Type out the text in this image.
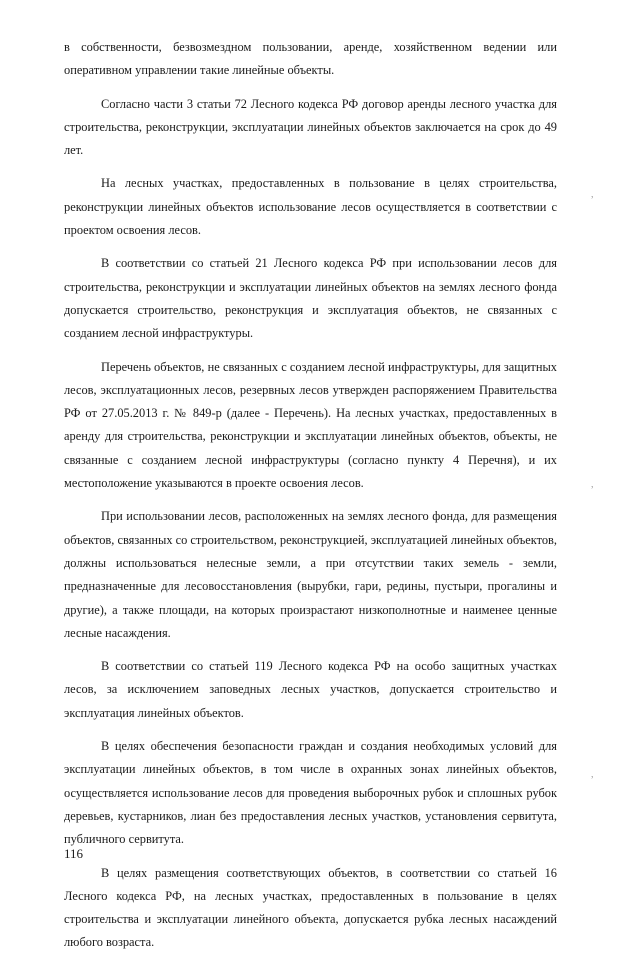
в собственности, безвозмездном пользовании, аренде, хозяйственном ведении или оперативном управлении такие линейные объекты.

Согласно части 3 статьи 72 Лесного кодекса РФ договор аренды лесного участка для строительства, реконструкции, эксплуатации линейных объектов заключается на срок до 49 лет.

На лесных участках, предоставленных в пользование в целях строительства, реконструкции линейных объектов использование лесов осуществляется в соответствии с проектом освоения лесов.

В соответствии со статьей 21 Лесного кодекса РФ при использовании лесов для строительства, реконструкции и эксплуатации линейных объектов на землях лесного фонда допускается строительство, реконструкция и эксплуатация объектов, не связанных с созданием лесной инфраструктуры.

Перечень объектов, не связанных с созданием лесной инфраструктуры, для защитных лесов, эксплуатационных лесов, резервных лесов утвержден распоряжением Правительства РФ от 27.05.2013 г. № 849-р (далее - Перечень). На лесных участках, предоставленных в аренду для строительства, реконструкции и эксплуатации линейных объектов, объекты, не связанные с созданием лесной инфраструктуры (согласно пункту 4 Перечня), и их местоположение указываются в проекте освоения лесов.

При использовании лесов, расположенных на землях лесного фонда, для размещения объектов, связанных со строительством, реконструкцией, эксплуатацией линейных объектов, должны использоваться нелесные земли, а при отсутствии таких земель - земли, предназначенные для лесовосстановления (вырубки, гари, редины, пустыри, прогалины и другие), а также площади, на которых произрастают низкополнотные и наименее ценные лесные насаждения.

В соответствии со статьей 119 Лесного кодекса РФ на особо защитных участках лесов, за исключением заповедных лесных участков, допускается строительство и эксплуатация линейных объектов.

В целях обеспечения безопасности граждан и создания необходимых условий для эксплуатации линейных объектов, в том числе в охранных зонах линейных объектов, осуществляется использование лесов для проведения выборочных рубок и сплошных рубок деревьев, кустарников, лиан без предоставления лесных участков, установления сервитута, публичного сервитута.

В целях размещения соответствующих объектов, в соответствии со статьей 16 Лесного кодекса РФ, на лесных участках, предоставленных в пользование в целях строительства и эксплуатации линейного объекта, допускается рубка лесных насаждений любого возраста.

116
,
,
,
